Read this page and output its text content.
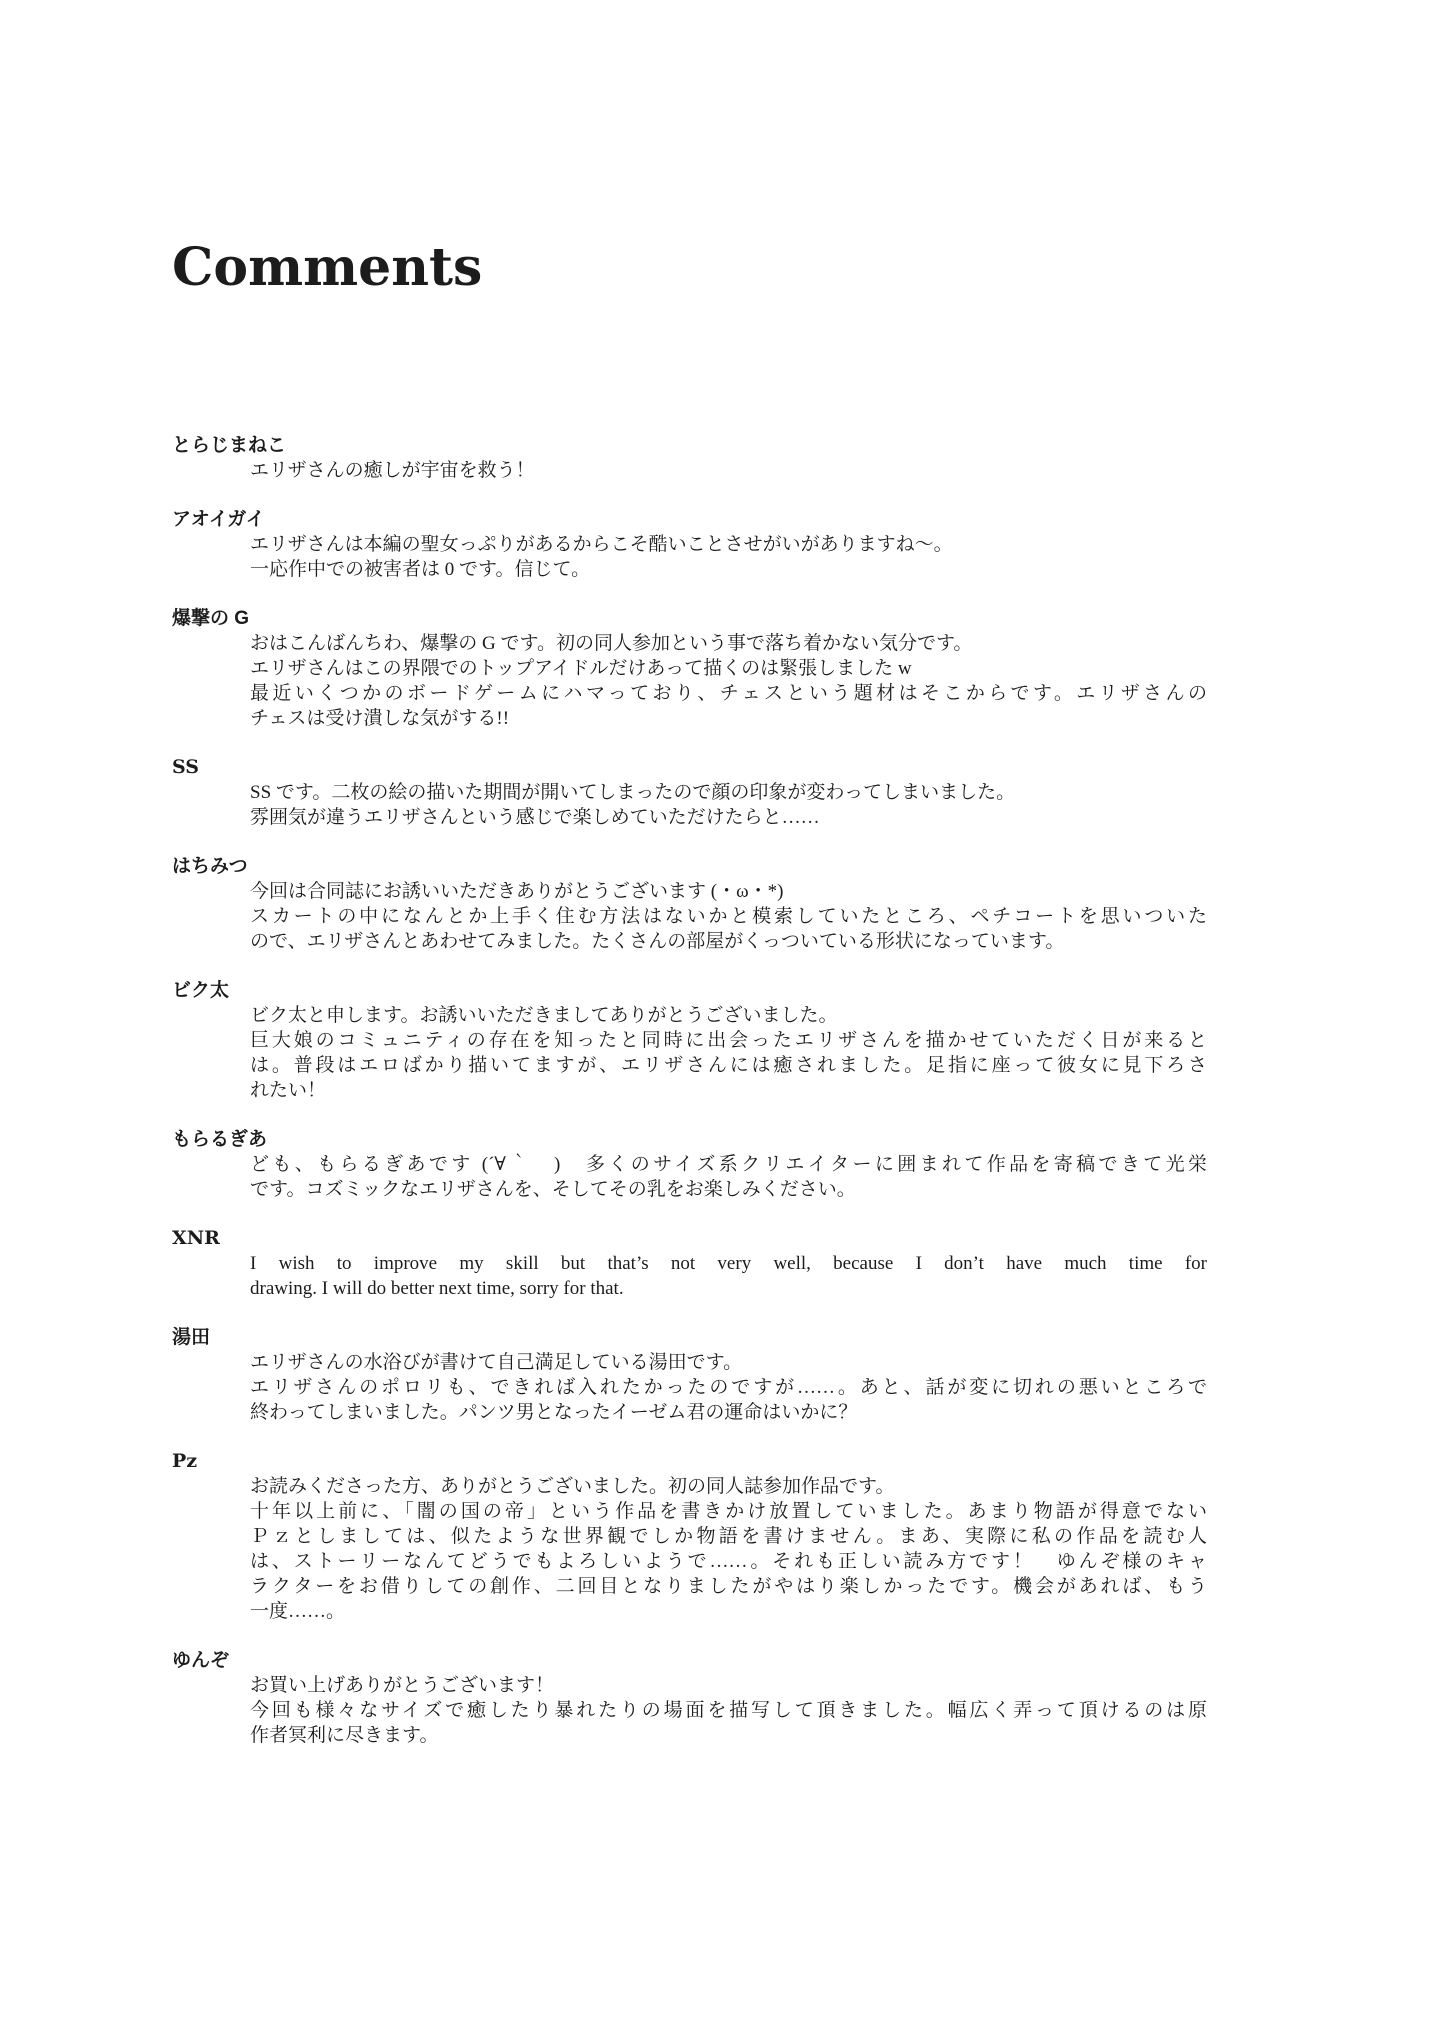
Comments
とらじまねこ
エリザさんの癒しが宇宙を救う！
アオイガイ
エリザさんは本編の聖女っぷりがあるからこそ酷いことさせがいがありますね～。
一応作中での被害者は 0 です。信じて。
爆撃の G
おはこんばんちわ、爆撃の G です。初の同人参加という事で落ち着かない気分です。
エリザさんはこの界隈でのトップアイドルだけあって描くのは緊張しました w
最近いくつかのボードゲームにハマっており、チェスという題材はそこからです。エリザさんの
チェスは受け潰しな気がする!!
SS
SS です。二枚の絵の描いた期間が開いてしまったので顔の印象が変わってしまいました。
雰囲気が違うエリザさんという感じで楽しめていただけたらと……
はちみつ
今回は合同誌にお誘いいただきありがとうございます (・ω・*)
スカートの中になんとか上手く住む方法はないかと模索していたところ、ペチコートを思いついた
ので、エリザさんとあわせてみました。たくさんの部屋がくっついている形状になっています。
ビク太
ビク太と申します。お誘いいただきましてありがとうございました。
巨大娘のコミュニティの存在を知ったと同時に出会ったエリザさんを描かせていただく日が来ると
は。普段はエロばかり描いてますが、エリザさんには癒されました。足指に座って彼女に見下ろさ
れたい！
もらるぎあ
ども、もらるぎあです (´∀｀　)　多くのサイズ系クリエイターに囲まれて作品を寄稿できて光栄
です。コズミックなエリザさんを、そしてその乳をお楽しみください。
XNR
I wish to improve my skill but that’s not very well, because I don’t have much time for
drawing. I will do better next time, sorry for that.
湯田
エリザさんの水浴びが書けて自己満足している湯田です。
エリザさんのポロリも、できれば入れたかったのですが……。あと、話が変に切れの悪いところで
終わってしまいました。パンツ男となったイーゼム君の運命はいかに？
Pz
お読みくださった方、ありがとうございました。初の同人誌参加作品です。
十年以上前に、「闇の国の帝」という作品を書きかけ放置していました。あまり物語が得意でない
Ｐｚとしましては、似たような世界観でしか物語を書けません。まあ、実際に私の作品を読む人
は、ストーリーなんてどうでもよろしいようで……。それも正しい読み方です！　ゆんぞ様のキャ
ラクターをお借りしての創作、二回目となりましたがやはり楽しかったです。機会があれば、もう
一度……。
ゆんぞ
お買い上げありがとうございます！
今回も様々なサイズで癒したり暴れたりの場面を描写して頂きました。幅広く弄って頂けるのは原
作者冥利に尽きます。
